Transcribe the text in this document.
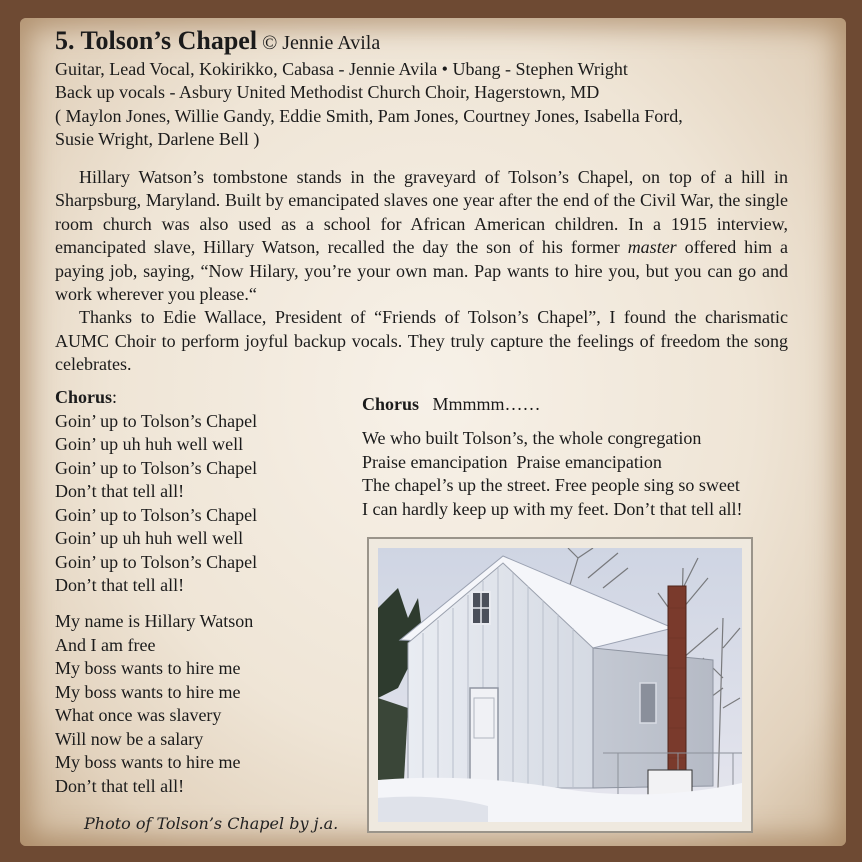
5. Tolson’s Chapel © Jennie Avila
Guitar, Lead Vocal, Kokirikko, Cabasa - Jennie Avila • Ubang - Stephen Wright
Back up vocals - Asbury United Methodist Church Choir, Hagerstown, MD
( Maylon Jones, Willie Gandy, Eddie Smith, Pam Jones, Courtney Jones, Isabella Ford,
Susie Wright, Darlene Bell )

Hillary Watson’s tombstone stands in the graveyard of Tolson’s Chapel, on top of a hill in Sharpsburg, Maryland. Built by emancipated slaves one year after the end of the Civil War, the single room church was also used as a school for African American children. In a 1915 interview, emancipated slave, Hillary Watson, recalled the day the son of his former master offered him a paying job, saying, “Now Hilary, you’re your own man. Pap wants to hire you, but you can go and work wherever you please.“

Thanks to Edie Wallace, President of “Friends of Tolson’s Chapel”, I found the charismatic AUMC Choir to perform joyful backup vocals. They truly capture the feelings of freedom the song celebrates.

Chorus:
Goin’ up to Tolson’s Chapel
Goin’ up uh huh well well
Goin’ up to Tolson’s Chapel
Don’t that tell all!
Goin’ up to Tolson’s Chapel
Goin’ up uh huh well well
Goin’ up to Tolson’s Chapel
Don’t that tell all!
My name is Hillary Watson
And I am free
My boss wants to hire me
My boss wants to hire me
What once was slavery
Will now be a salary
My boss wants to hire me
Don’t that tell all!
Chorus   Mmmmm……
We who built Tolson’s, the whole congregation
Praise emancipation  Praise emancipation
The chapel’s up the street. Free people sing so sweet
I can hardly keep up with my feet. Don’t that tell all!
Photo of Tolson’s Chapel by j.a.
